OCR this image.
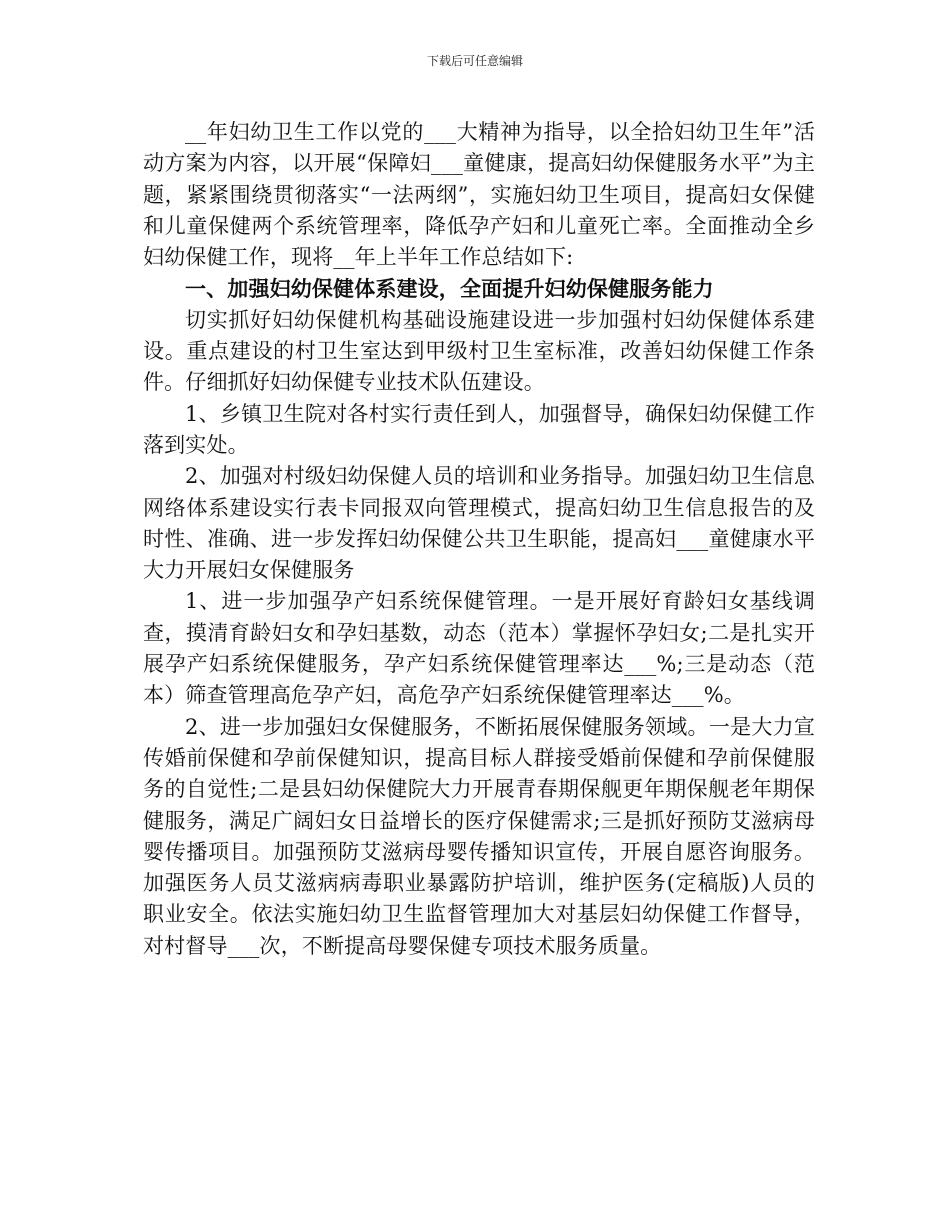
下载后可任意编辑

__年妇幼卫生工作以党的___大精神为指导，以全拾妇幼卫生年”活动方案为内容，以开展“保障妇___童健康，提高妇幼保健服务水平”为主题，紧紧围绕贯彻落实“一法两纲”，实施妇幼卫生项目，提高妇女保健和儿童保健两个系统管理率，降低孕产妇和儿童死亡率。全面推动全乡妇幼保健工作，现将__年上半年工作总结如下:

一、加强妇幼保健体系建设，全面提升妇幼保健服务能力

切实抓好妇幼保健机构基础设施建设进一步加强村妇幼保健体系建设。重点建设的村卫生室达到甲级村卫生室标准，改善妇幼保健工作条件。仔细抓好妇幼保健专业技术队伍建设。

1、乡镇卫生院对各村实行责任到人，加强督导，确保妇幼保健工作落到实处。

2、加强对村级妇幼保健人员的培训和业务指导。加强妇幼卫生信息网络体系建设实行表卡同报双向管理模式，提高妇幼卫生信息报告的及时性、准确、进一步发挥妇幼保健公共卫生职能，提高妇___童健康水平大力开展妇女保健服务

1、进一步加强孕产妇系统保健管理。一是开展好育龄妇女基线调查，摸清育龄妇女和孕妇基数，动态（范本）掌握怀孕妇女;二是扎实开展孕产妇系统保健服务，孕产妇系统保健管理率达___%;三是动态（范本）筛查管理高危孕产妇，高危孕产妇系统保健管理率达___%。

2、进一步加强妇女保健服务，不断拓展保健服务领域。一是大力宣传婚前保健和孕前保健知识，提高目标人群接受婚前保健和孕前保健服务的自觉性;二是县妇幼保健院大力开展青春期保舰更年期保舰老年期保健服务，满足广阔妇女日益增长的医疗保健需求;三是抓好预防艾滋病母婴传播项目。加强预防艾滋病母婴传播知识宣传，开展自愿咨询服务。加强医务人员艾滋病病毒职业暴露防护培训，维护医务(定稿版)人员的职业安全。依法实施妇幼卫生监督管理加大对基层妇幼保健工作督导，对村督导___次，不断提高母婴保健专项技术服务质量。
